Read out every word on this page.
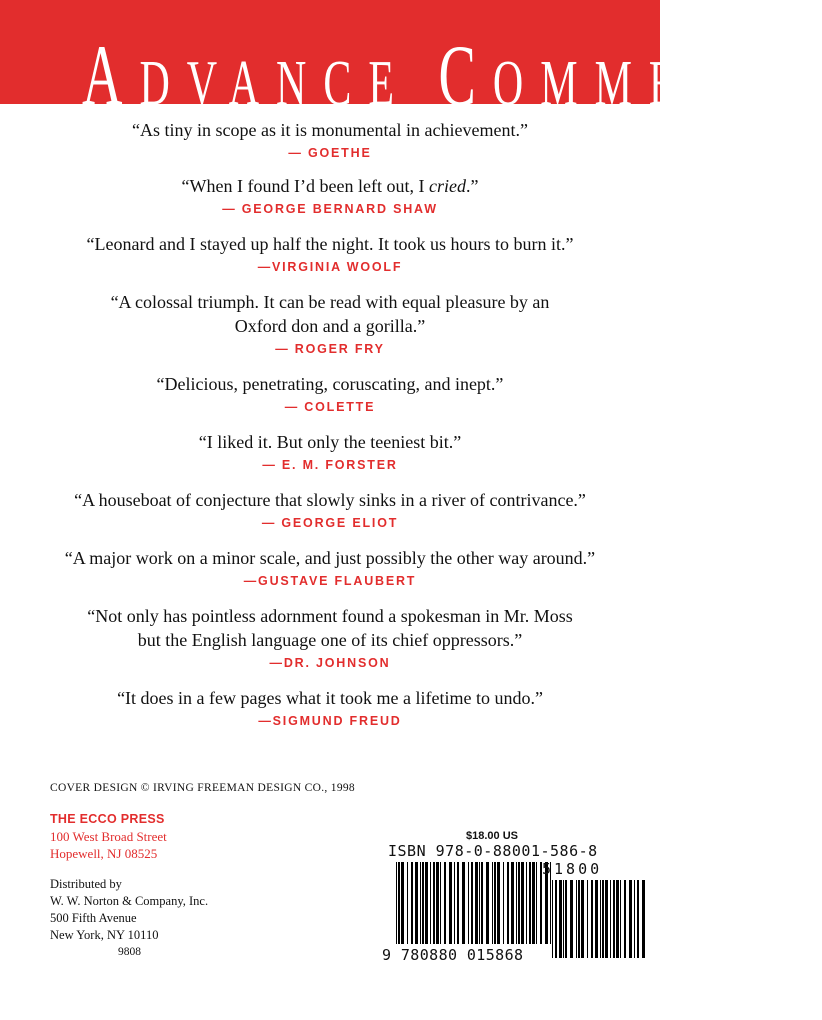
ADVANCE COMMENTS
“As tiny in scope as it is monumental in achievement.”
— GOETHE
“When I found I’d been left out, I cried.”
— GEORGE BERNARD SHAW
“Leonard and I stayed up half the night. It took us hours to burn it.”
—VIRGINIA WOOLF
“A colossal triumph. It can be read with equal pleasure by an
Oxford don and a gorilla.”
— ROGER FRY
“Delicious, penetrating, coruscating, and inept.”
— COLETTE
“I liked it. But only the teeniest bit.”
— E. M. FORSTER
“A houseboat of conjecture that slowly sinks in a river of contrivance.”
— GEORGE ELIOT
“A major work on a minor scale, and just possibly the other way around.”
—GUSTAVE FLAUBERT
“Not only has pointless adornment found a spokesman in Mr. Moss
but the English language one of its chief oppressors.”
—DR. JOHNSON
“It does in a few pages what it took me a lifetime to undo.”
—SIGMUND FREUD
COVER DESIGN © IRVING FREEMAN DESIGN CO., 1998
THE ECCO PRESS
100 West Broad Street
Hopewell, NJ 08525
Distributed by
W. W. Norton & Company, Inc.
500 Fifth Avenue
New York, NY 10110
9808
$18.00 US
ISBN 978-0-88001-586-8
51800
9 780880 015868
